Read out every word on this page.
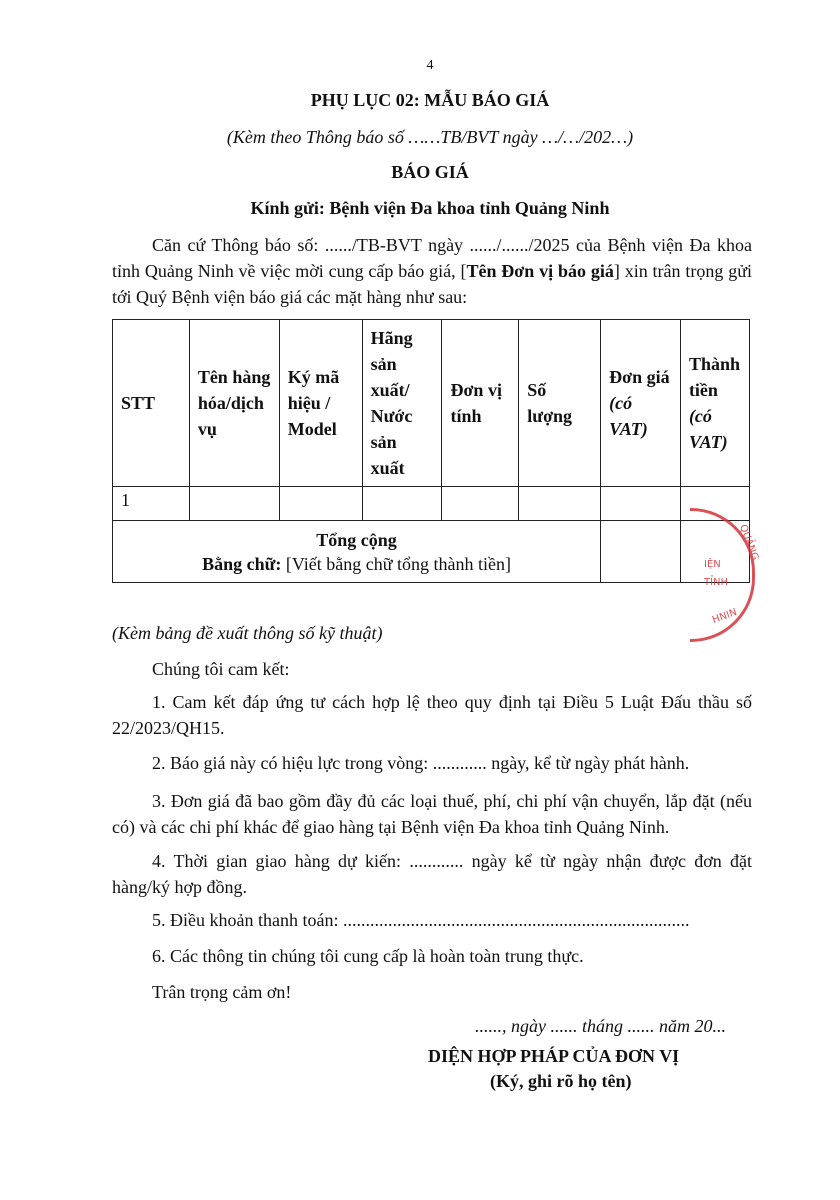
4
PHỤ LỤC 02: MẪU BÁO GIÁ
(Kèm theo Thông báo số ……TB/BVT ngày …/…/202…)
BÁO GIÁ
Kính gửi: Bệnh viện Đa khoa tỉnh Quảng Ninh
Căn cứ Thông báo số: ....../TB-BVT ngày ....../....../2025 của Bệnh viện Đa khoa tỉnh Quảng Ninh về việc mời cung cấp báo giá, [Tên Đơn vị báo giá] xin trân trọng gửi tới Quý Bệnh viện báo giá các mặt hàng như sau:
STT	Tên hàng hóa/dịch vụ	Ký mã hiệu / Model	Hãng sản xuất/ Nước sản xuất	Đơn vị tính	Số lượng	Đơn giá (có VAT)	Thành tiền (có VAT)
1							

Tổng cộng
Bằng chữ: [Viết bằng chữ tổng thành tiền]							

QUẢNG
IỆN
TỈNH
HNIN
(Kèm bảng đề xuất thông số kỹ thuật)
Chúng tôi cam kết:
1. Cam kết đáp ứng tư cách hợp lệ theo quy định tại Điều 5 Luật Đấu thầu số 22/2023/QH15.
2. Báo giá này có hiệu lực trong vòng: ............ ngày, kể từ ngày phát hành.
3. Đơn giá đã bao gồm đầy đủ các loại thuế, phí, chi phí vận chuyển, lắp đặt (nếu có) và các chi phí khác để giao hàng tại Bệnh viện Đa khoa tỉnh Quảng Ninh.
4. Thời gian giao hàng dự kiến: ............ ngày kể từ ngày nhận được đơn đặt hàng/ký hợp đồng.
5. Điều khoản thanh toán: .............................................................................
6. Các thông tin chúng tôi cung cấp là hoàn toàn trung thực.
Trân trọng cảm ơn!
......, ngày ...... tháng ...... năm 20...
DIỆN HỢP PHÁP CỦA ĐƠN VỊ
(Ký, ghi rõ họ tên)
